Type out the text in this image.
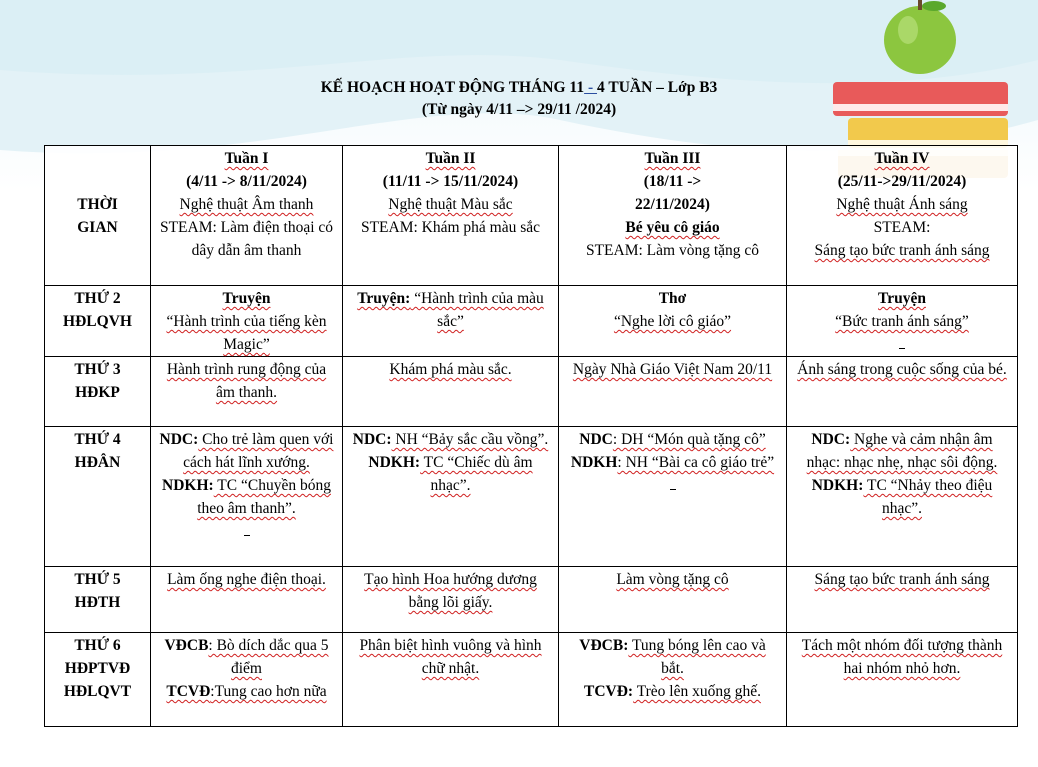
KẾ HOẠCH HOẠT ĐỘNG THÁNG 11 - 4 TUẦN – Lớp B3
(Từ ngày 4/11 –> 29/11 /2024)
THỜI
GIAN	Tuần I
(4/11 -> 8/11/2024)
Nghệ thuật Âm thanh
STEAM: Làm điện thoại có dây dẫn âm thanh	Tuần II
(11/11 -> 15/11/2024)
Nghệ thuật Màu sắc
STEAM: Khám phá màu sắc	Tuần III
(18/11 ->
22/11/2024)
Bé yêu cô giáo
STEAM: Làm vòng tặng cô	Tuần IV
(25/11->29/11/2024)
Nghệ thuật Ánh sáng
STEAM:
Sáng tạo bức tranh ánh sáng

THỨ 2
HĐLQVH	Truyện
“Hành trình của tiếng kèn Magic”	Truyện: “Hành trình của màu sắc”	Thơ
“Nghe lời cô giáo”	Truyện
“Bức tranh ánh sáng”

THỨ 3
HĐKP	Hành trình rung động của âm thanh.	Khám phá màu sắc.	Ngày Nhà Giáo Việt Nam 20/11	Ánh sáng trong cuộc sống của bé.

THỨ 4
HĐÂN	NDC: Cho trẻ làm quen với cách hát lĩnh xướng.
NDKH: TC “Chuyền bóng theo âm thanh”.	NDC: NH “Bảy sắc cầu vồng”.
NDKH: TC “Chiếc dù âm nhạc”.	NDC: DH “Món quà tặng cô”
NDKH: NH “Bài ca cô giáo trẻ”	NDC: Nghe và cảm nhận âm nhạc: nhạc nhẹ, nhạc sôi động.
NDKH: TC “Nhảy theo điệu nhạc”.

THỨ 5
HĐTH	Làm ống nghe điện thoại.	Tạo hình Hoa hướng dương bằng lõi giấy.	Làm vòng tặng cô	Sáng tạo bức tranh ánh sáng

THỨ 6
HĐPTVĐ
HĐLQVT	VĐCB: Bò dích dắc qua 5 điểm
TCVĐ:Tung cao hơn nữa	Phân biệt hình vuông và hình chữ nhật.	VĐCB: Tung bóng lên cao và bắt.
TCVĐ: Trèo lên xuống ghế.	Tách một nhóm đối tượng thành hai nhóm nhỏ hơn.
